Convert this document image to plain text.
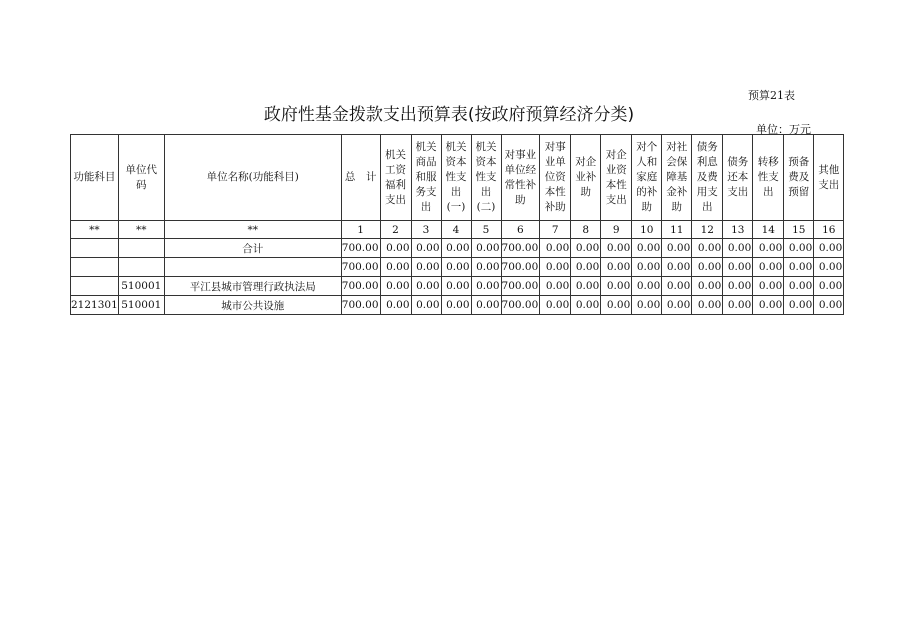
预算21表
政府性基金拨款支出预算表(按政府预算经济分类)
单位：万元
功能科目	单位代码	单位名称(功能科目)	总　计	机关工资福利支出	机关商品和服务支出	机关资本性支出(一)	机关资本性支出(二)	对事业单位经常性补助	对事业单位资本性补助	对企业补助	对企业资本性支出	对个人和家庭的补助	对社会保障基金补助	债务利息及费用支出	债务还本支出	转移性支出	预备费及预留	其他支出
**	**	**	1	2	3	4	5	6	7	8	9	10	11	12	13	14	15	16
		合计	700.00	0.00	0.00	0.00	0.00	700.00	0.00	0.00	0.00	0.00	0.00	0.00	0.00	0.00	0.00	0.00
			700.00	0.00	0.00	0.00	0.00	700.00	0.00	0.00	0.00	0.00	0.00	0.00	0.00	0.00	0.00	0.00
	510001	平江县城市管理行政执法局	700.00	0.00	0.00	0.00	0.00	700.00	0.00	0.00	0.00	0.00	0.00	0.00	0.00	0.00	0.00	0.00
2121301	510001	城市公共设施	700.00	0.00	0.00	0.00	0.00	700.00	0.00	0.00	0.00	0.00	0.00	0.00	0.00	0.00	0.00	0.00
